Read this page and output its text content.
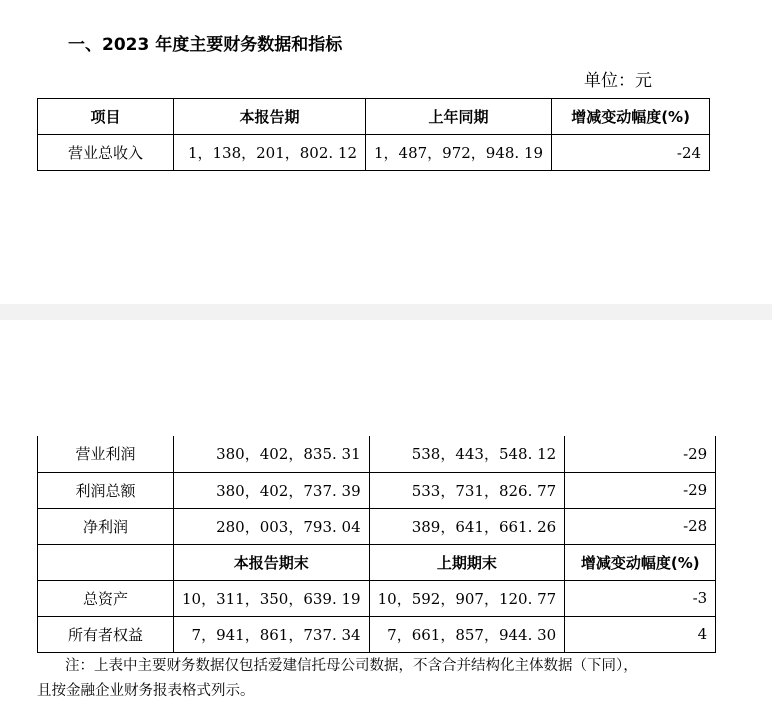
一、2023 年度主要财务数据和指标
单位：元
项目	本报告期	上年同期	增减变动幅度(%)
营业总收入	1，138，201，802. 12	1，487，972，948. 19	-24
营业利润	380，402，835. 31	538，443，548. 12	-29
利润总额	380，402，737. 39	533，731，826. 77	-29
净利润	280，003，793. 04	389，641，661. 26	-28
	本报告期末	上期期末	增减变动幅度(%)
总资产	10，311，350，639. 19	10，592，907，120. 77	-3
所有者权益	7，941，861，737. 34	7，661，857，944. 30	4
注：上表中主要财务数据仅包括爱建信托母公司数据，不含合并结构化主体数据（下同），
且按金融企业财务报表格式列示。
